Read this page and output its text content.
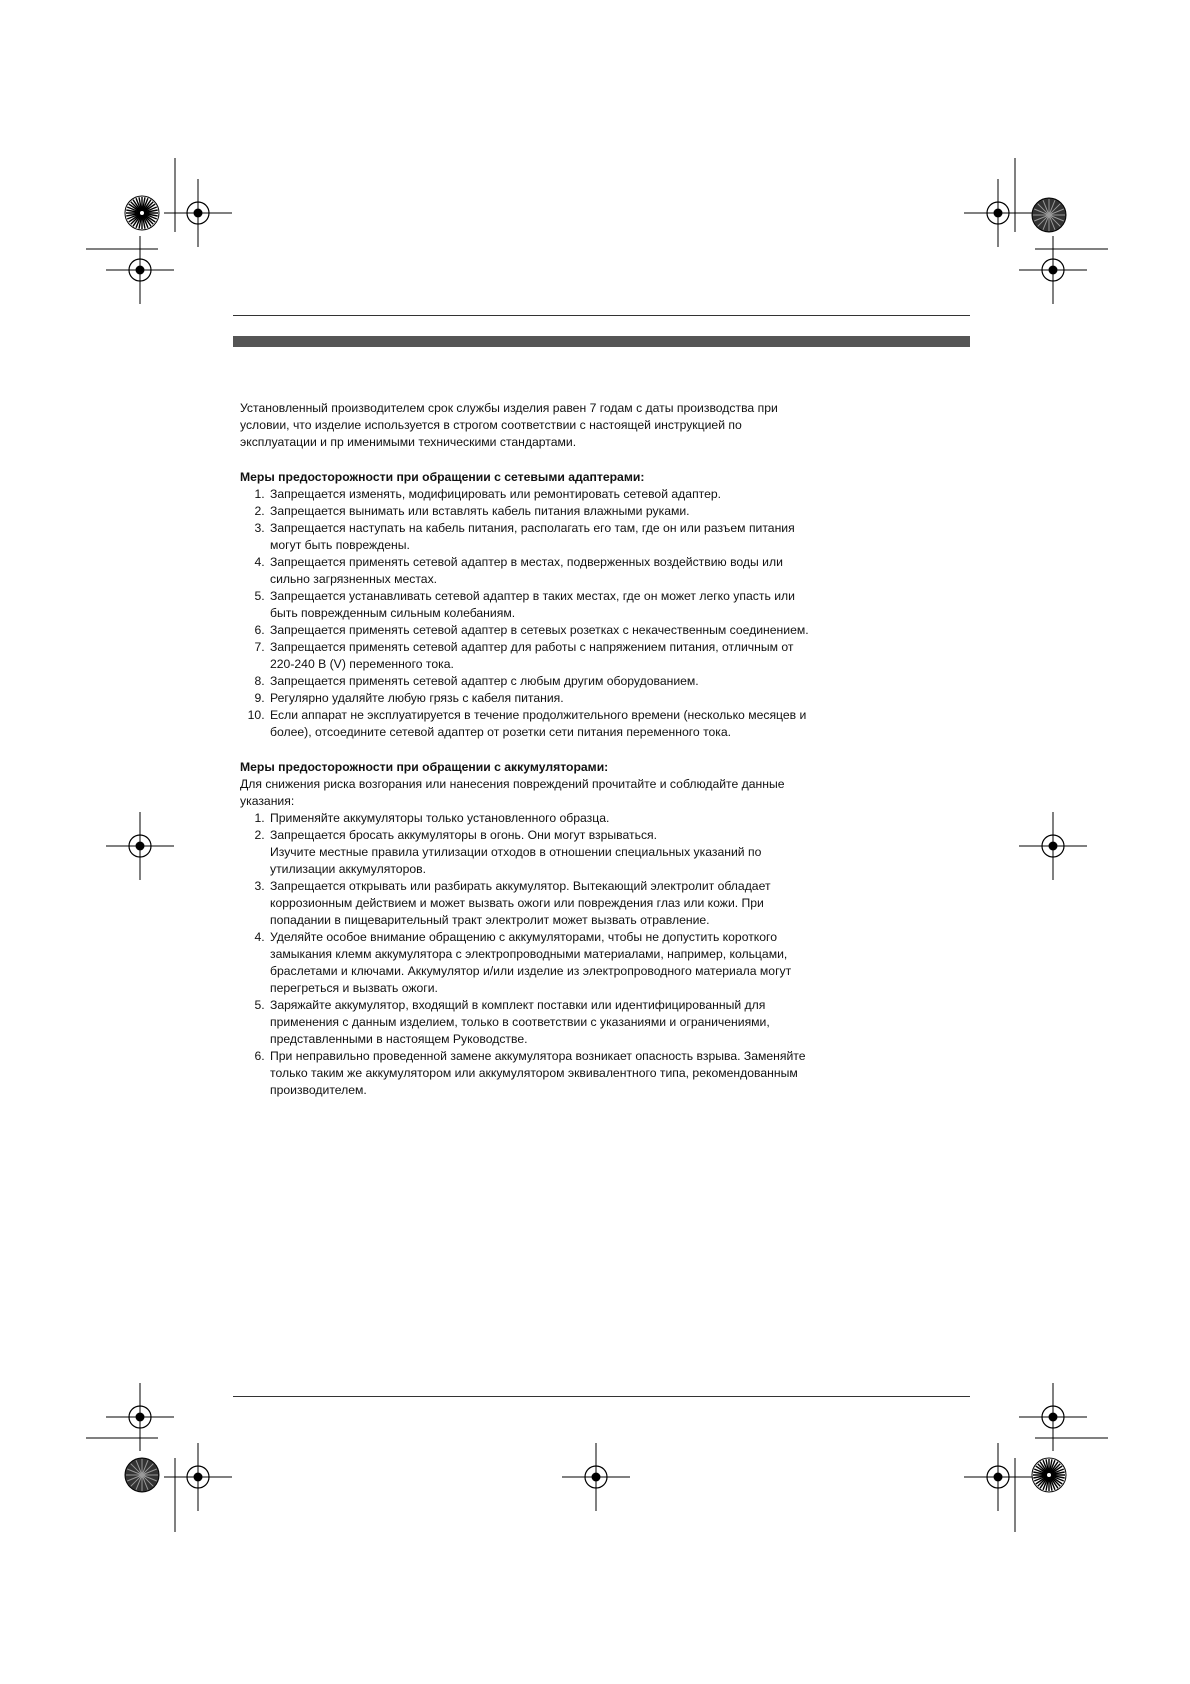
Установленный производителем срок службы изделия равен 7 годам с даты производства при условии, что изделие используется в строгом соответствии с настоящей инструкцией по эксплуатации и пр именимыми техническими стандартами.

Меры предосторожности при обращении с сетевыми адаптерами:

1. Запрещается изменять, модифицировать или ремонтировать сетевой адаптер.
2. Запрещается вынимать или вставлять кабель питания влажными руками.
3. Запрещается наступать на кабель питания, располагать его там, где он или разъем питания могут быть повреждены.
4. Запрещается применять сетевой адаптер в местах, подверженных воздействию воды или сильно загрязненных местах.
5. Запрещается устанавливать сетевой адаптер в таких местах, где он может легко упасть или быть поврежденным сильным колебаниям.
6. Запрещается применять сетевой адаптер в сетевых розетках с некачественным соединением.
7. Запрещается применять сетевой адаптер для работы с напряжением питания, отличным от 220-240 В (V) переменного тока.
8. Запрещается применять сетевой адаптер с любым другим оборудованием.
9. Регулярно удаляйте любую грязь с кабеля питания.
10. Если аппарат не эксплуатируется в течение продолжительного времени (несколько месяцев и более), отсоедините сетевой адаптер от розетки сети питания переменного тока.

Меры предосторожности при обращении с аккумуляторами:

Для снижения риска возгорания или нанесения повреждений прочитайте и соблюдайте данные указания:

1. Применяйте аккумуляторы только установленного образца.
2. Запрещается бросать аккумуляторы в огонь. Они могут взрываться.
Изучите местные правила утилизации отходов в отношении специальных указаний по утилизации аккумуляторов.
3. Запрещается открывать или разбирать аккумулятор. Вытекающий электролит обладает коррозионным действием и может вызвать ожоги или повреждения глаз или кожи. При попадании в пищеварительный тракт электролит может вызвать отравление.
4. Уделяйте особое внимание обращению с аккумуляторами, чтобы не допустить короткого замыкания клемм аккумулятора с электропроводными материалами, например, кольцами, браслетами и ключами. Аккумулятор и/или изделие из электропроводного материала могут перегреться и вызвать ожоги.
5. Заряжайте аккумулятор, входящий в комплект поставки или идентифицированный для применения с данным изделием, только в соответствии с указаниями и ограничениями, представленными в настоящем Руководстве.
6. При неправильно проведенной замене аккумулятора возникает опасность взрыва. Заменяйте только таким же аккумулятором или аккумулятором эквивалентного типа, рекомендованным производителем.
